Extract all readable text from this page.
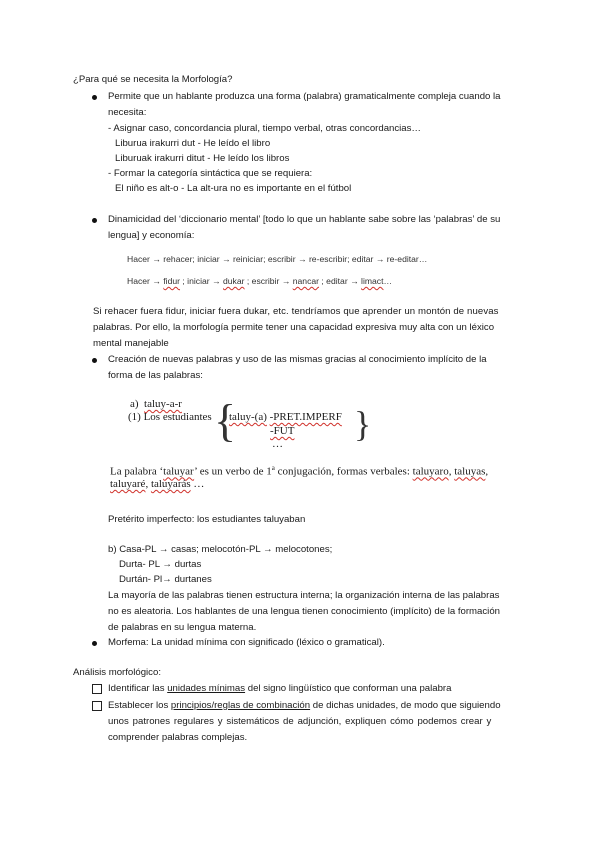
¿Para qué se necesita la Morfología?
Permite que un hablante produzca una forma (palabra) gramaticalmente compleja cuando la
necesita:
- Asignar caso, concordancia plural, tiempo verbal, otras concordancias…
Liburua irakurri dut - He leído el libro
Liburuak irakurri ditut - He leído los libros
- Formar la categoría sintáctica que se requiera:
El niño es alt-o - La alt-ura no es importante en el fútbol
Dinamicidad del ‘diccionario mental’ [todo lo que un hablante sabe sobre las ‘palabras’ de su
lengua] y economía:
Hacer → rehacer; iniciar → reiniciar; escribir → re-escribir; editar → re-editar…
Hacer → fidur ; iniciar → dukar ; escribir → nancar ; editar → limact…
Si rehacer fuera fidur, iniciar fuera dukar, etc. tendríamos que aprender un montón de nuevas
palabras. Por ello, la morfología permite tener una capacidad expresiva muy alta con un léxico
mental manejable
Creación de nuevas palabras y uso de las mismas gracias al conocimiento implícito de la
forma de las palabras:
a) taluy-a-r
(1) Los estudiantes {
taluy-(a) -PRET.IMPERF
-FUT
… }
La palabra ‘taluyar’ es un verbo de 1$^a$ conjugación, formas verbales: taluyaro, taluyas,
taluyaré, taluyarás …
Pretérito imperfecto: los estudiantes taluyaban
b) Casa-PL → casas; melocotón-PL → melocotones;
Durta- PL → durtas
Durtán- Pl→ durtanes
La mayoría de las palabras tienen estructura interna; la organización interna de las palabras
no es aleatoria. Los hablantes de una lengua tienen conocimiento (implícito) de la formación
de palabras en su lengua materna.
Morfema: La unidad mínima con significado (léxico o gramatical).
Análisis morfológico:
Identificar las unidades mínimas del signo lingüístico que conforman una palabra
Establecer los principios/reglas de combinación de dichas unidades, de modo que siguiendo
unos patrones regulares y sistemáticos de adjunción, expliquen cómo podemos crear y
comprender palabras complejas.
